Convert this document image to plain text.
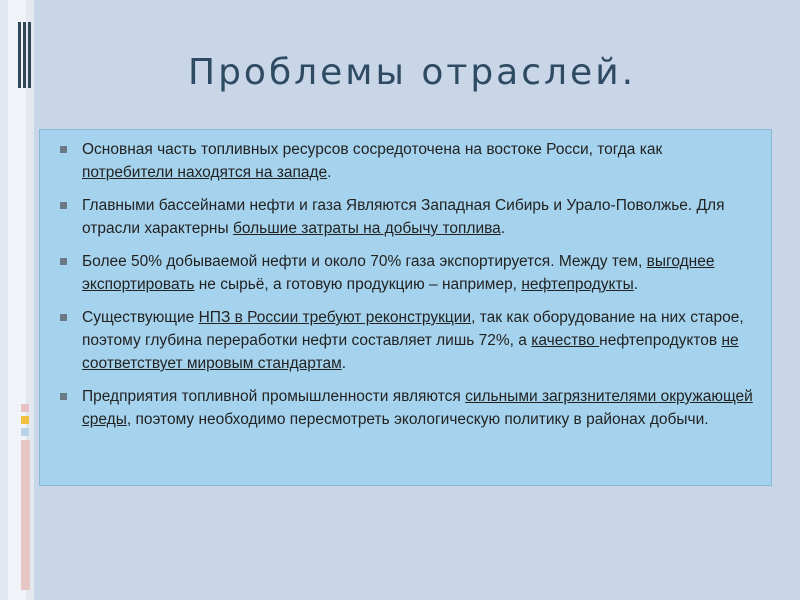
Проблемы отраслей.
Основная часть топливных ресурсов сосредоточена на востоке Росси, тогда как потребители находятся на западе.
Главными бассейнами нефти и газа Являются Западная Сибирь и Урало-Поволжье. Для отрасли характерны большие затраты на добычу топлива.
Более 50% добываемой нефти и около 70% газа экспортируется. Между тем, выгоднее экспортировать не сырьё, а готовую продукцию – например, нефтепродукты.
Существующие НПЗ в России требуют реконструкции, так как оборудование на них старое, поэтому глубина переработки нефти составляет лишь 72%, а качество нефтепродуктов не соответствует мировым стандартам.
Предприятия топливной промышленности являются сильными загрязнителями окружающей среды, поэтому необходимо пересмотреть экологическую политику в районах добычи.
